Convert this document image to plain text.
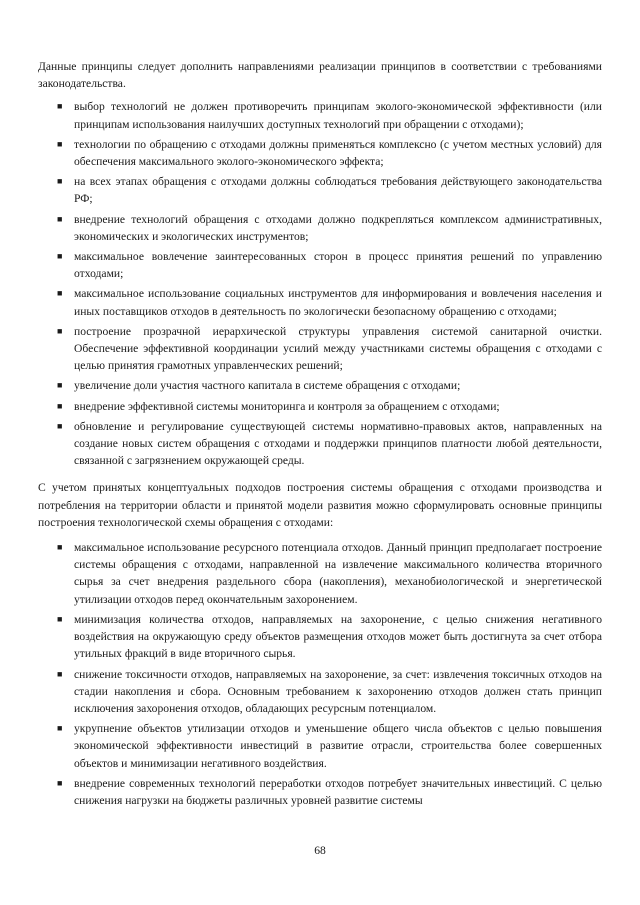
Данные принципы следует дополнить направлениями реализации принципов в соответствии с требованиями законодательства.

■ выбор технологий не должен противоречить принципам эколого-экономической эффективности (или принципам использования наилучших доступных технологий при обращении с отходами);
■ технологии по обращению с отходами должны применяться комплексно (с учетом местных условий) для обеспечения максимального эколого-экономического эффекта;
■ на всех этапах обращения с отходами должны соблюдаться требования действующего законодательства РФ;
■ внедрение технологий обращения с отходами должно подкрепляться комплексом административных, экономических и экологических инструментов;
■ максимальное вовлечение заинтересованных сторон в процесс принятия решений по управлению отходами;
■ максимальное использование социальных инструментов для информирования и вовлечения населения и иных поставщиков отходов в деятельность по экологически безопасному обращению с отходами;
■ построение прозрачной иерархической структуры управления системой санитарной очистки. Обеспечение эффективной координации усилий между участниками системы обращения с отходами с целью принятия грамотных управленческих решений;
■ увеличение доли участия частного капитала в системе обращения с отходами;
■ внедрение эффективной системы мониторинга и контроля за обращением с отходами;
■ обновление и регулирование существующей системы нормативно-правовых актов, направленных на создание новых систем обращения с отходами и поддержки принципов платности любой деятельности, связанной с загрязнением окружающей среды.

С учетом принятых концептуальных подходов построения системы обращения с отходами производства и потребления на территории области и принятой модели развития можно сформулировать основные принципы построения технологической схемы обращения с отходами:

■ максимальное использование ресурсного потенциала отходов. Данный принцип предполагает построение системы обращения с отходами, направленной на извлечение максимального количества вторичного сырья за счет внедрения раздельного сбора (накопления), механобиологической и энергетической утилизации отходов перед окончательным захоронением.
■ минимизация количества отходов, направляемых на захоронение, с целью снижения негативного воздействия на окружающую среду объектов размещения отходов может быть достигнута за счет отбора утильных фракций в виде вторичного сырья.
■ снижение токсичности отходов, направляемых на захоронение, за счет: извлечения токсичных отходов на стадии накопления и сбора. Основным требованием к захоронению отходов должен стать принцип исключения захоронения отходов, обладающих ресурсным потенциалом.
■ укрупнение объектов утилизации отходов и уменьшение общего числа объектов с целью повышения экономической эффективности инвестиций в развитие отрасли, строительства более совершенных объектов и минимизации негативного воздействия.
■ внедрение современных технологий переработки отходов потребует значительных инвестиций. С целью снижения нагрузки на бюджеты различных уровней развитие системы
68
